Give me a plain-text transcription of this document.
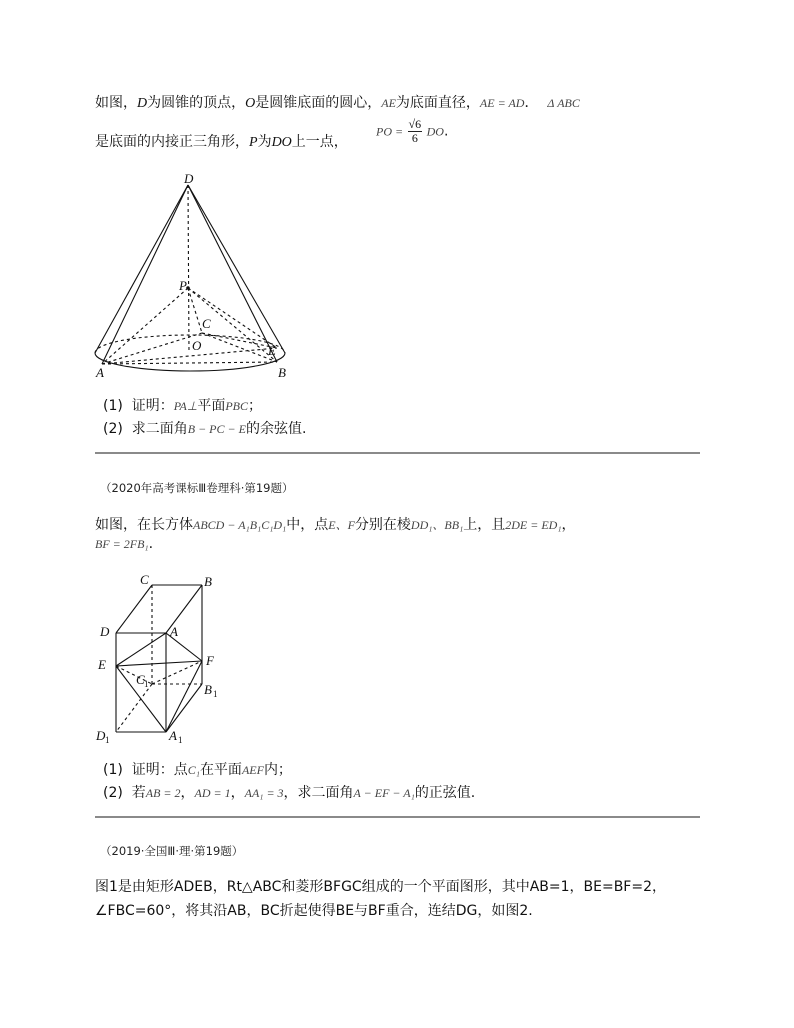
如图，D为圆锥的顶点，O是圆锥底面的圆心，AE为底面直径，AE = AD． Δ ABC
是底面的内接正三角形，P为DO上一点，
PO = $\frac{√6}{6}$ DO.
D
P
C
O	E
A	B
(1) 证明：PA⊥平面PBC；
(2) 求二面角B − PC − E的余弦值.
（2020年高考课标Ⅲ卷理科·第19题）
如图，在长方体ABCD − A₁B₁C₁D₁中，点E、F分别在棱DD₁、BB₁上，且2DE = ED₁，
BF = 2FB₁.
C	B
D	A
E	F
C 1	B 1
D 1	A 1
(1) 证明：点C₁在平面AEF内；
(2) 若AB = 2，AD = 1，AA₁ = 3，求二面角A − EF − A₁的正弦值.
（2019·全国Ⅲ·理·第19题）
图1是由矩形ADEB，Rt△ABC和菱形BFGC组成的一个平面图形，其中AB=1，BE=BF=2，
∠FBC=60°，将其沿AB，BC折起使得BE与BF重合，连结DG，如图2.
